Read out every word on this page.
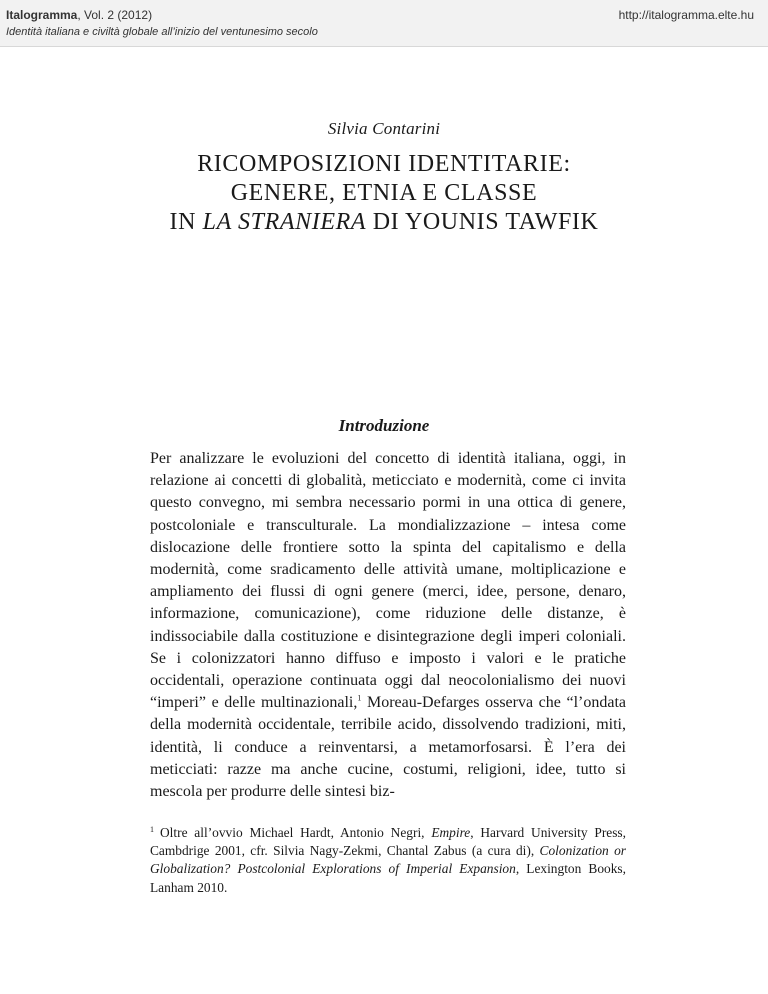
Italogramma, Vol. 2 (2012)
Identità italiana e civiltà globale all’inizio del ventunesimo secolo
http://italogramma.elte.hu
Silvia Contarini
RICOMPOSIZIONI IDENTITARIE:
GENERE, ETNIA E CLASSE
IN LA STRANIERA DI YOUNIS TAWFIK
Introduzione

Per analizzare le evoluzioni del concetto di identità italiana, oggi, in relazione ai concetti di globalità, meticciato e modernità, come ci invita questo convegno, mi sembra necessario pormi in una ottica di genere, postcoloniale e transculturale. La mondializzazione – intesa come dislocazione delle frontiere sotto la spinta del capitalismo e della modernità, come sradicamento delle attività umane, moltiplicazione e ampliamento dei flussi di ogni genere (merci, idee, persone, denaro, informazione, comunicazione), come riduzione delle distanze, è indissociabile dalla costituzione e disintegrazione degli imperi coloniali. Se i colonizzatori hanno diffuso e imposto i valori e le pratiche occidentali, operazione continuata oggi dal neocolonialismo dei nuovi “imperi” e delle multinazionali,$^1$ Moreau-Defarges osserva che “l’ondata della modernità occidentale, terribile acido, dissolvendo tradizioni, miti, identità, li conduce a reinventarsi, a metamorfosarsi. È l’era dei meticciati: razze ma anche cucine, costumi, religioni, idee, tutto si mescola per produrre delle sintesi biz-

$^1$ Oltre all’ovvio Michael Hardt, Antonio Negri, Empire, Harvard University Press, Cambdrige 2001, cfr. Silvia Nagy-Zekmi, Chantal Zabus (a cura di), Colonization or Globalization? Postcolonial Explorations of Imperial Expansion, Lexington Books, Lanham 2010.
